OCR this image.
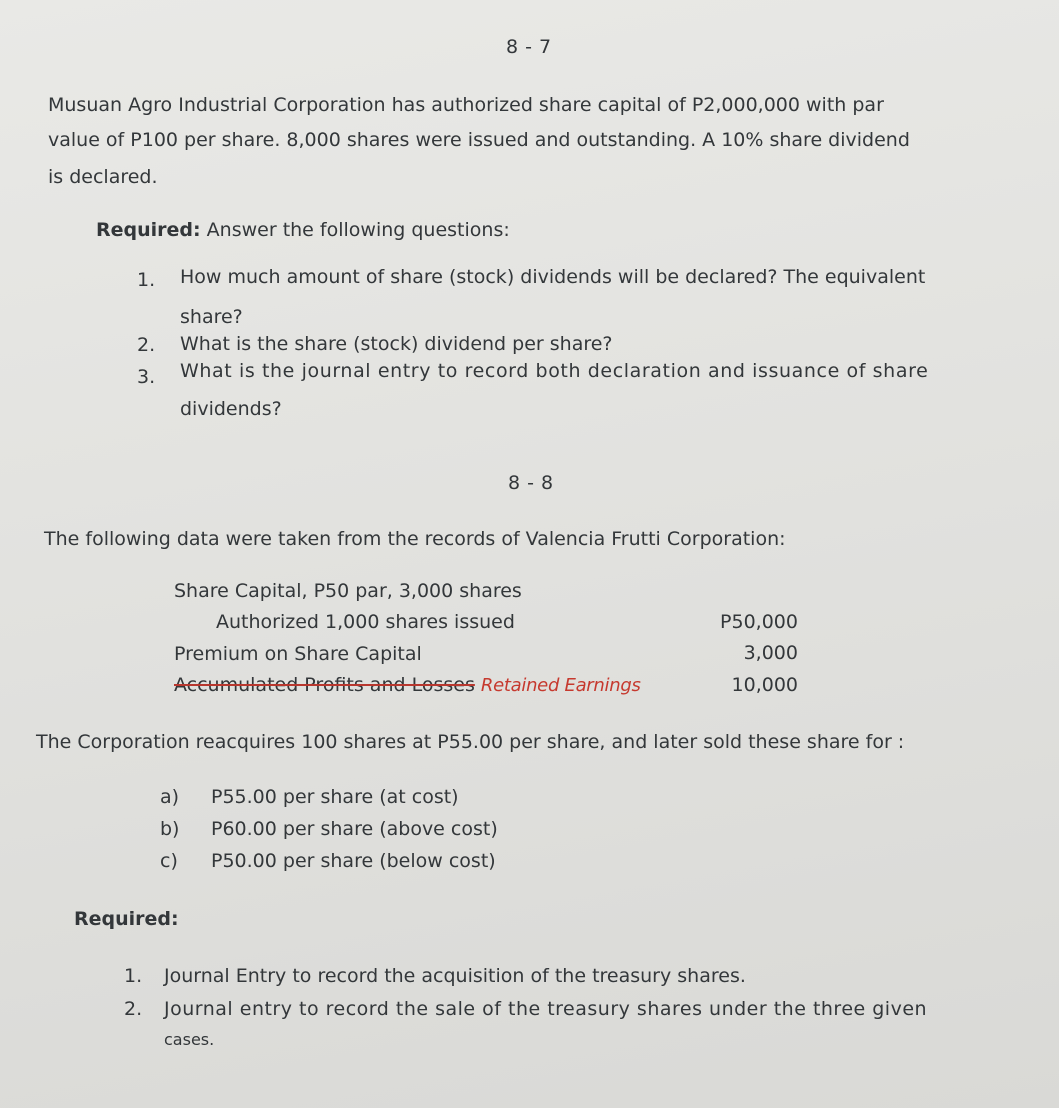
8 - 7
Musuan Agro Industrial Corporation has authorized share capital of P2,000,000 with par
value of P100 per share. 8,000 shares were issued and outstanding. A 10% share dividend
is declared.
Required: Answer the following questions:
1. How much amount of share (stock) dividends will be declared? The equivalent
share?
2. What is the share (stock) dividend per share?
3. What is the journal entry to record both declaration and issuance of share
dividends?
8 - 8
The following data were taken from the records of Valencia Frutti Corporation:
Share Capital, P50 par, 3,000 shares
Authorized 1,000 shares issued	P50,000
Premium on Share Capital	3,000
Accumulated Profits and Losses Retained Earnings	10,000
The Corporation reacquires 100 shares at P55.00 per share, and later sold these share for :
a) P55.00 per share (at cost)
b) P60.00 per share (above cost)
c) P50.00 per share (below cost)
Required:
1. Journal Entry to record the acquisition of the treasury shares.
2. Journal entry to record the sale of the treasury shares under the three given
cases.
